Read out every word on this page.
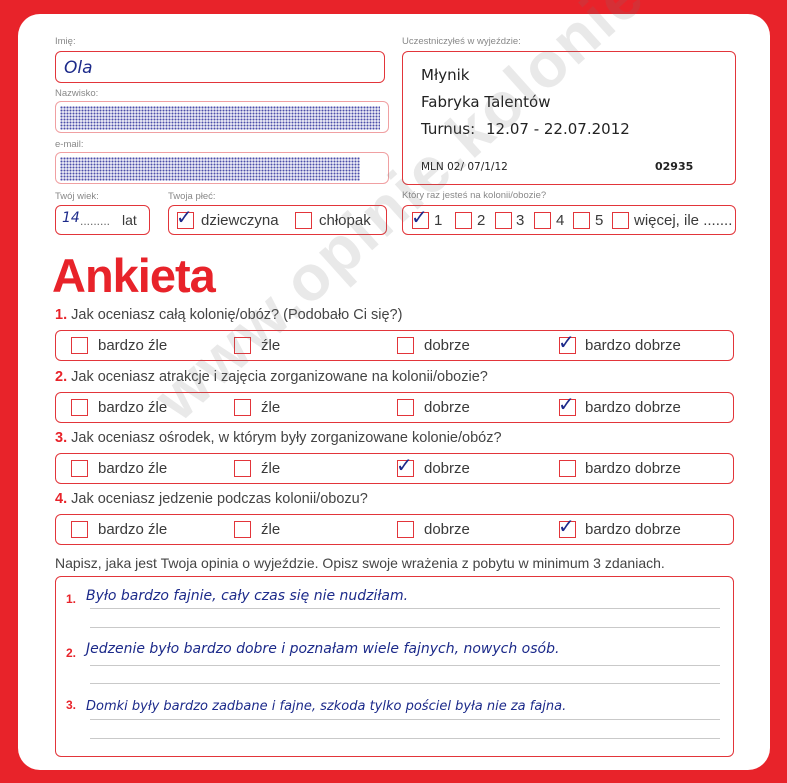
Imię:
Ola
Nazwisko:
e-mail:
Twój wiek:
14 ......... lat
Twoja płeć:
✓ dziewczyna	chłopak
Uczestniczyłeś w wyjeździe:
Młynik
Fabryka Talentów
Turnus: 12.07 - 22.07.2012
MLN 02/ 07/1/12	02935
Który raz jesteś na kolonii/obozie?
✓ 1 2 3 4 5 więcej, ile .......
Ankieta
1. Jak oceniasz całą kolonię/obóz? (Podobało Ci się?)
bardzo źle	źle	dobrze	✓ bardzo dobrze
2. Jak oceniasz atrakcje i zajęcia zorganizowane na kolonii/obozie?
bardzo źle	źle	dobrze	✓ bardzo dobrze
3. Jak oceniasz ośrodek, w którym były zorganizowane kolonie/obóz?
bardzo źle	źle	✓ dobrze	bardzo dobrze
4. Jak oceniasz jedzenie podczas kolonii/obozu?
bardzo źle	źle	dobrze	✓ bardzo dobrze
Napisz, jaka jest Twoja opinia o wyjeździe. Opisz swoje wrażenia z pobytu w minimum 3 zdaniach.
1. Było bardzo fajnie, cały czas się nie nudziłam.
2. Jedzenie było bardzo dobre i poznałam wiele fajnych, nowych osób.
3. Domki były bardzo zadbane i fajne, szkoda tylko pościel była nie za fajna.
